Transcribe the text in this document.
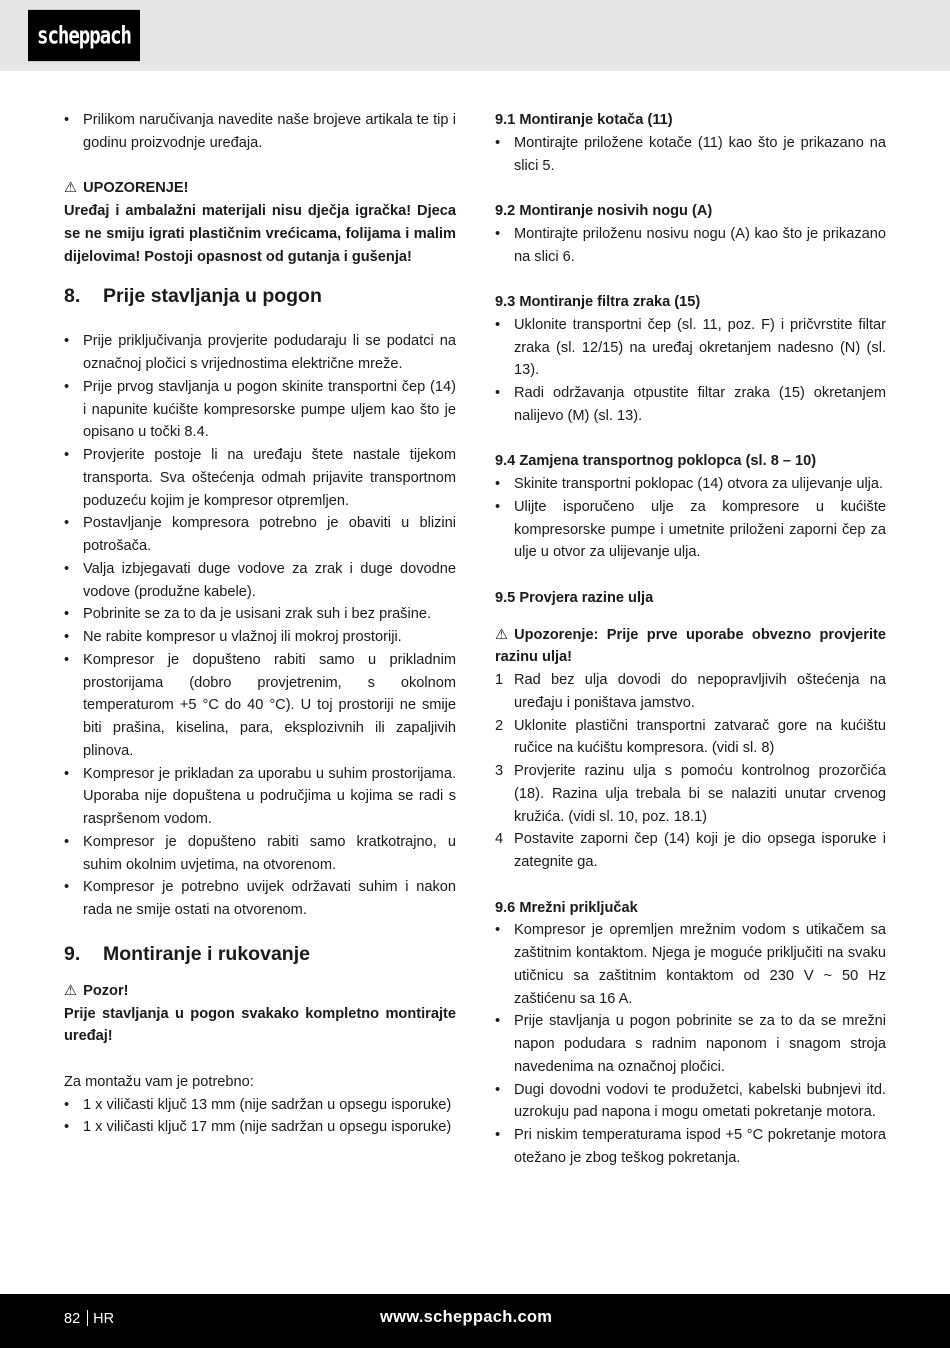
scheppach
• Prilikom naručivanja navedite naše brojeve artikala te tip i godinu proizvodnje uređaja.

⚠ UPOZORENJE!

Uređaj i ambalažni materijali nisu dječja igračka! Djeca se ne smiju igrati plastičnim vrećicama, folijama i malim dijelovima! Postoji opasnost od gutanja i gušenja!

8.	Prije stavljanja u pogon
• Prije priključivanja provjerite podudaraju li se podatci na označnoj pločici s vrijednostima električne mreže.
• Prije prvog stavljanja u pogon skinite transportni čep (14) i napunite kućište kompresorske pumpe uljem kao što je opisano u točki 8.4.
• Provjerite postoje li na uređaju štete nastale tijekom transporta. Sva oštećenja odmah prijavite transportnom poduzeću kojim je kompresor otpremljen.
• Postavljanje kompresora potrebno je obaviti u blizini potrošača.
• Valja izbjegavati duge vodove za zrak i duge dovodne vodove (produžne kabele).
• Pobrinite se za to da je usisani zrak suh i bez prašine.
• Ne rabite kompresor u vlažnoj ili mokroj prostoriji.
• Kompresor je dopušteno rabiti samo u prikladnim prostorijama (dobro provjetrenim, s okolnom temperaturom +5 °C do 40 °C). U toj prostoriji ne smije biti prašina, kiselina, para, eksplozivnih ili zapaljivih plinova.
• Kompresor je prikladan za uporabu u suhim prostorijama. Uporaba nije dopuštena u područjima u kojima se radi s raspršenom vodom.
• Kompresor je dopušteno rabiti samo kratkotrajno, u suhim okolnim uvjetima, na otvorenom.
• Kompresor je potrebno uvijek održavati suhim i nakon rada ne smije ostati na otvorenom.
9.	Montiranje i rukovanje

⚠ Pozor!

Prije stavljanja u pogon svakako kompletno montirajte uređaj!

Za montažu vam je potrebno:

• 1 x viličasti ključ 13 mm (nije sadržan u opsegu isporuke)
• 1 x viličasti ključ 17 mm (nije sadržan u opsegu isporuke)

9.1 Montiranje kotača (11)

• Montirajte priložene kotače (11) kao što je prikazano na slici 5.

9.2 Montiranje nosivih nogu (A)

• Montirajte priloženu nosivu nogu (A) kao što je prikazano na slici 6.

9.3 Montiranje filtra zraka (15)

• Uklonite transportni čep (sl. 11, poz. F) i pričvrstite filtar zraka (sl. 12/15) na uređaj okretanjem nadesno (N) (sl. 13).
• Radi održavanja otpustite filtar zraka (15) okretanjem nalijevo (M) (sl. 13).

9.4 Zamjena transportnog poklopca (sl. 8 – 10)

• Skinite transportni poklopac (14) otvora za ulijevanje ulja.
• Ulijte isporučeno ulje za kompresore u kućište kompresorske pumpe i umetnite priloženi zaporni čep za ulje u otvor za ulijevanje ulja.

9.5 Provjera razine ulja

⚠ Upozorenje: Prije prve uporabe obvezno provjerite razinu ulja!

1 Rad bez ulja dovodi do nepopravljivih oštećenja na uređaju i poništava jamstvo.
2 Uklonite plastični transportni zatvarač gore na kućištu ručice na kućištu kompresora. (vidi sl. 8)
3 Provjerite razinu ulja s pomoću kontrolnog prozorčića (18). Razina ulja trebala bi se nalaziti unutar crvenog kružića. (vidi sl. 10, poz. 18.1)
4 Postavite zaporni čep (14) koji je dio opsega isporuke i zategnite ga.

9.6 Mrežni priključak

• Kompresor je opremljen mrežnim vodom s utikačem sa zaštitnim kontaktom. Njega je moguće priključiti na svaku utičnicu sa zaštitnim kontaktom od 230 V ~ 50 Hz zaštićenu sa 16 A.
• Prije stavljanja u pogon pobrinite se za to da se mrežni napon podudara s radnim naponom i snagom stroja navedenima na označnoj pločici.
• Dugi dovodni vodovi te produžetci, kabelski bubnjevi itd. uzrokuju pad napona i mogu ometati pokretanje motora.
• Pri niskim temperaturama ispod +5 °C pokretanje motora otežano je zbog teškog pokretanja.
82 HR	www.scheppach.com
